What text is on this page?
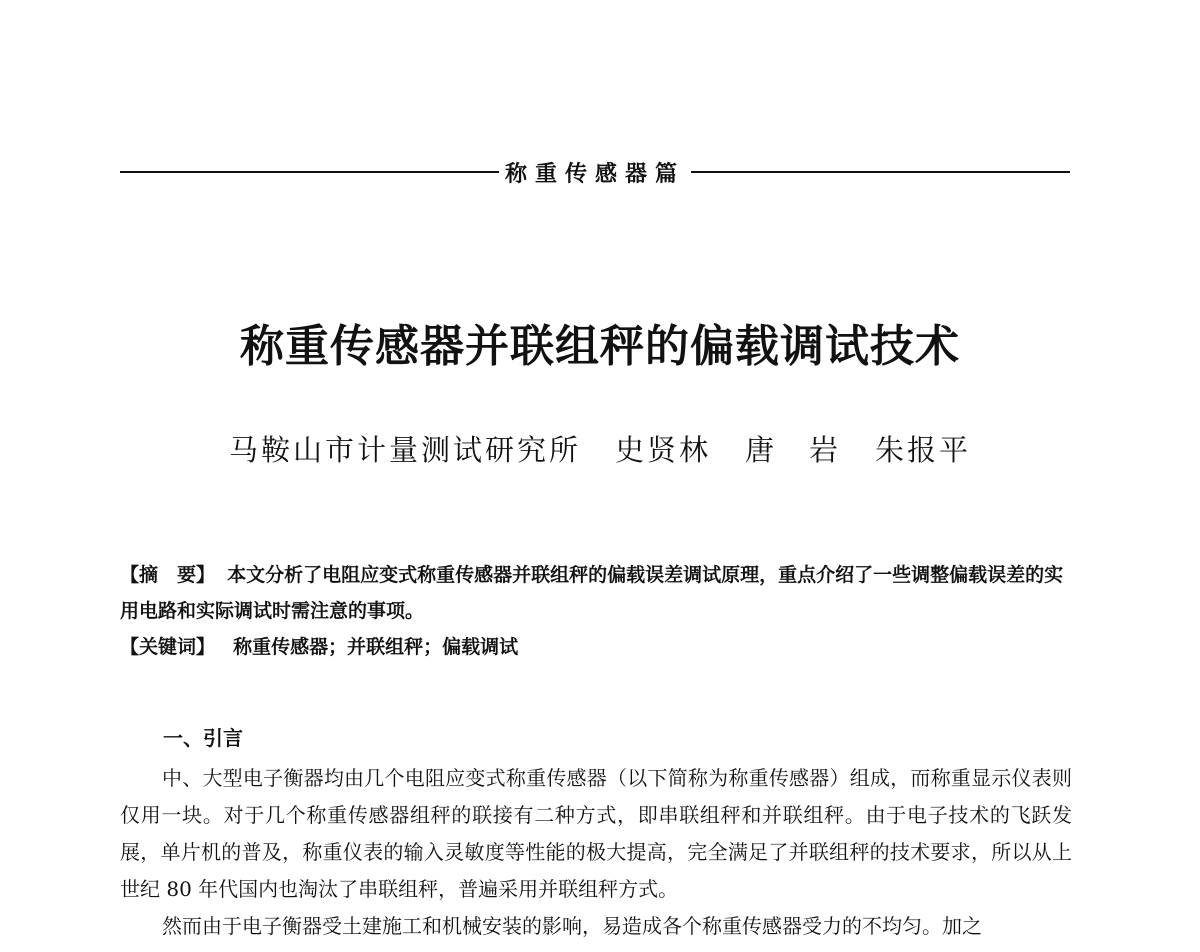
称重传感器篇
称重传感器并联组秤的偏载调试技术
马鞍山市计量测试研究所 史贤林 唐　岩 朱报平

【摘　要】 本文分析了电阻应变式称重传感器并联组秤的偏载误差调试原理，重点介绍了一些调整偏载误差的实用电路和实际调试时需注意的事项。

【关键词】 称重传感器；并联组秤；偏载调试

一、引言

中、大型电子衡器均由几个电阻应变式称重传感器（以下简称为称重传感器）组成，而称重显示仪表则仅用一块。对于几个称重传感器组秤的联接有二种方式，即串联组秤和并联组秤。由于电子技术的飞跃发展，单片机的普及，称重仪表的输入灵敏度等性能的极大提高，完全满足了并联组秤的技术要求，所以从上世纪 80 年代国内也淘汰了串联组秤，普遍采用并联组秤方式。

然而由于电子衡器受土建施工和机械安装的影响，易造成各个称重传感器受力的不均匀。加之
